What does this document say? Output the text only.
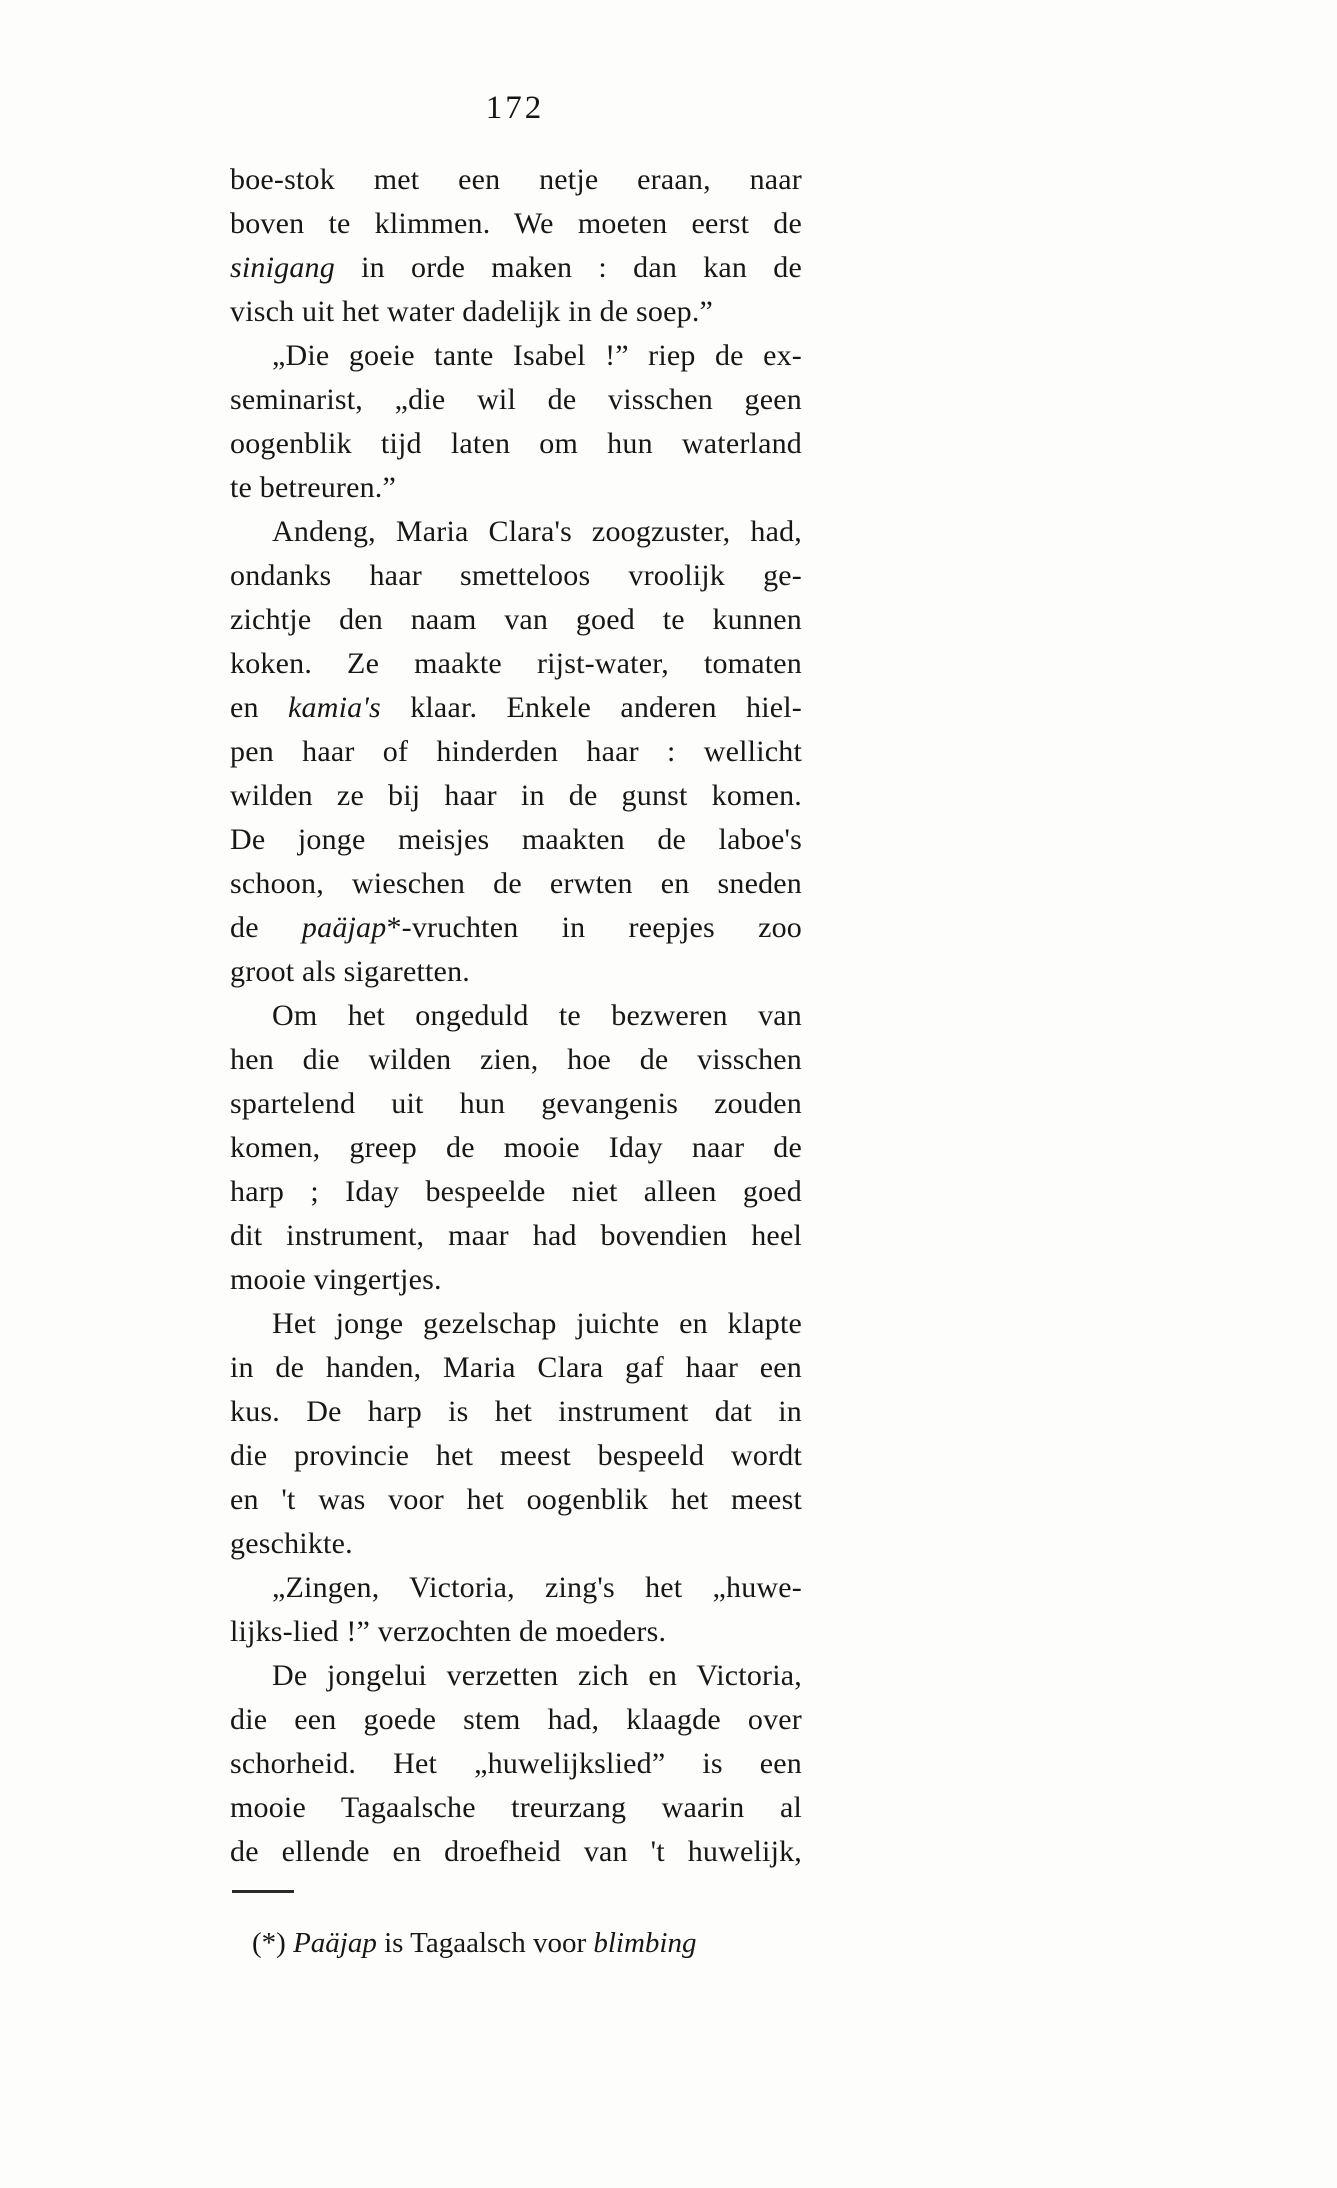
172
boe-stok met een netje eraan, naar
boven te klimmen. We moeten eerst de
sinigang in orde maken : dan kan de
visch uit het water dadelijk in de soep.”
„Die goeie tante Isabel !” riep de ex-
seminarist, „die wil de visschen geen
oogenblik tijd laten om hun waterland
te betreuren.”
Andeng, Maria Clara's zoogzuster, had,
ondanks haar smetteloos vroolijk ge-
zichtje den naam van goed te kunnen
koken. Ze maakte rijst-water, tomaten
en kamia's klaar. Enkele anderen hiel-
pen haar of hinderden haar : wellicht
wilden ze bij haar in de gunst komen.
De jonge meisjes maakten de laboe's
schoon, wieschen de erwten en sneden
de paäjap*-vruchten in reepjes zoo
groot als sigaretten.
Om het ongeduld te bezweren van
hen die wilden zien, hoe de visschen
spartelend uit hun gevangenis zouden
komen, greep de mooie Iday naar de
harp ; Iday bespeelde niet alleen goed
dit instrument, maar had bovendien heel
mooie vingertjes.
Het jonge gezelschap juichte en klapte
in de handen, Maria Clara gaf haar een
kus. De harp is het instrument dat in
die provincie het meest bespeeld wordt
en 't was voor het oogenblik het meest
geschikte.
„Zingen, Victoria, zing's het „huwe-
lijks-lied !” verzochten de moeders.
De jongelui verzetten zich en Victoria,
die een goede stem had, klaagde over
schorheid. Het „huwelijkslied” is een
mooie Tagaalsche treurzang waarin al
de ellende en droefheid van 't huwelijk,
(*) Paäjap is Tagaalsch voor blimbing
